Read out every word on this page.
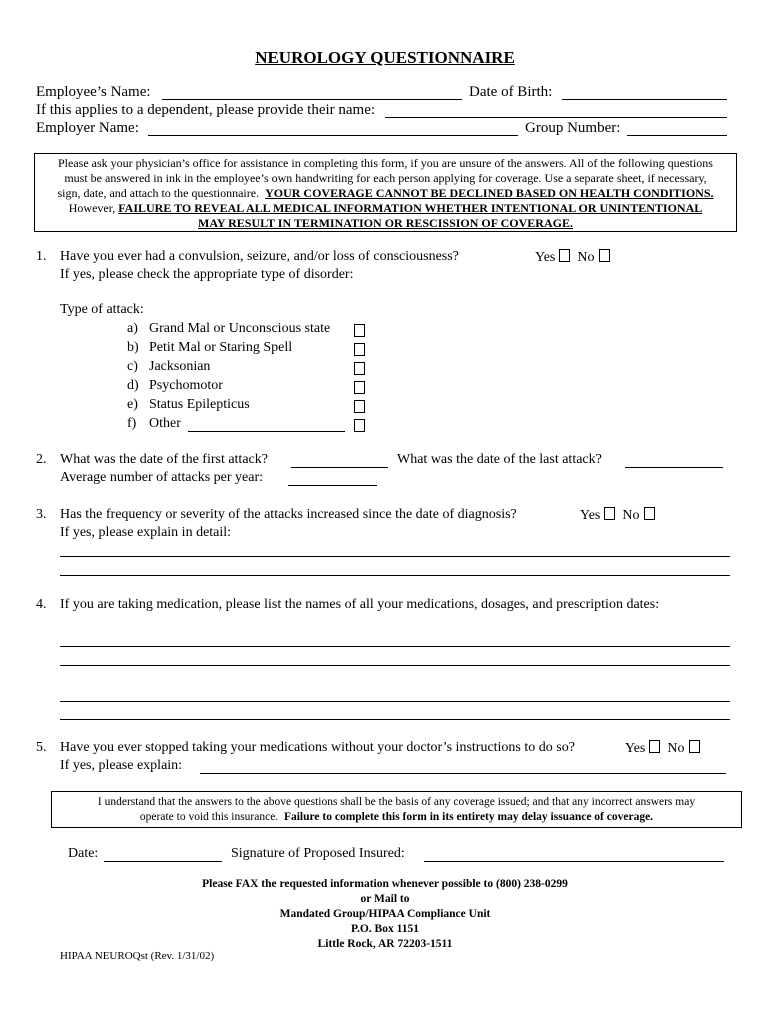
NEUROLOGY QUESTIONNAIRE
Employee’s Name:	Date of Birth:
If this applies to a dependent, please provide their name:
Employer Name:	Group Number:

Please ask your physician’s office for assistance in completing this form, if you are unsure of the answers. All of the following questions

must be answered in ink in the employee’s own handwriting for each person applying for coverage. Use a separate sheet, if necessary,

sign, date, and attach to the questionnaire. YOUR COVERAGE CANNOT BE DECLINED BASED ON HEALTH CONDITIONS.

However, FAILURE TO REVEAL ALL MEDICAL INFORMATION WHETHER INTENTIONAL OR UNINTENTIONAL

MAY RESULT IN TERMINATION OR RESCISSION OF COVERAGE.

1. Have you ever had a convulsion, seizure, and/or loss of consciousness?	Yes No
If yes, please check the appropriate type of disorder:
Type of attack:
a) Grand Mal or Unconscious state
b) Petit Mal or Staring Spell
c) Jacksonian
d) Psychomotor
e) Status Epilepticus
f) Other
2. What was the date of the first attack?	What was the date of the last attack?
Average number of attacks per year:
3. Has the frequency or severity of the attacks increased since the date of diagnosis?	Yes No
If yes, please explain in detail:
4. If you are taking medication, please list the names of all your medications, dosages, and prescription dates:
5. Have you ever stopped taking your medications without your doctor’s instructions to do so?	Yes No
If yes, please explain:

I understand that the answers to the above questions shall be the basis of any coverage issued; and that any incorrect answers may

operate to void this insurance. Failure to complete this form in its entirety may delay issuance of coverage.

Date:	Signature of Proposed Insured:
Please FAX the requested information whenever possible to (800) 238-0299
or Mail to
Mandated Group/HIPAA Compliance Unit
P.O. Box 1151
Little Rock, AR 72203-1511
HIPAA NEUROQst (Rev. 1/31/02)
